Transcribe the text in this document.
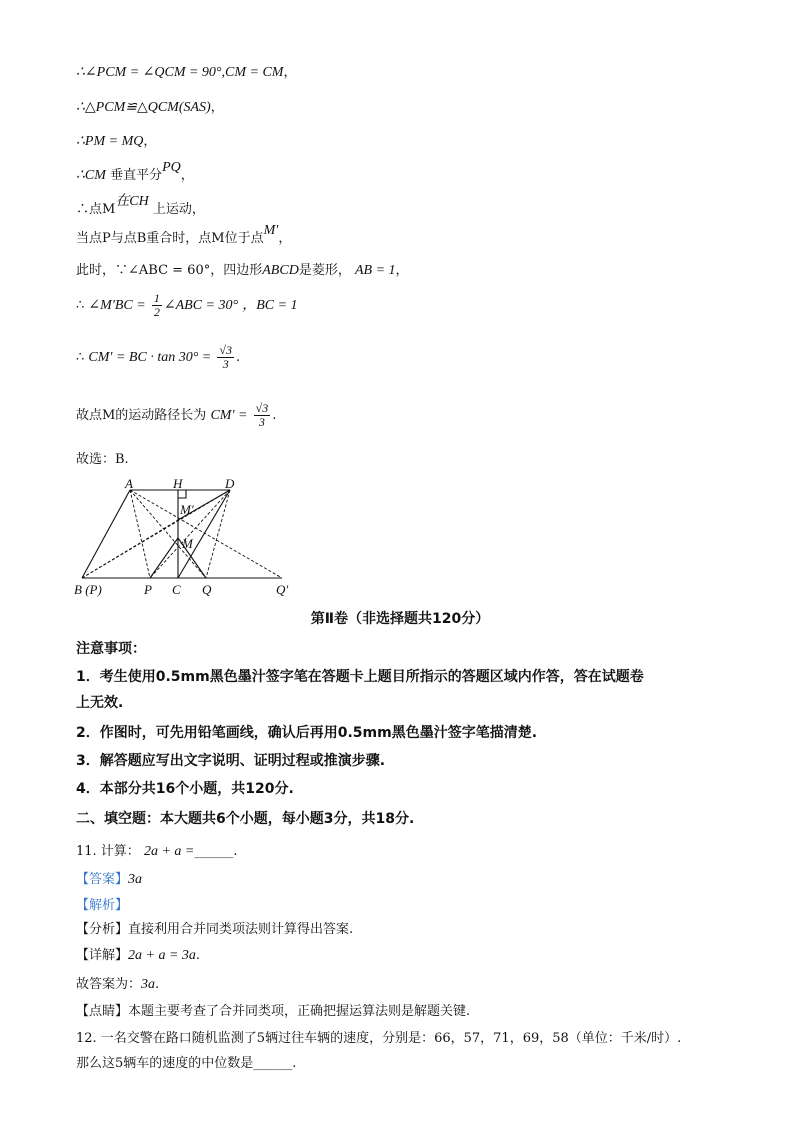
∴∠PCM = ∠QCM = 90°,CM = CM，
∴△PCM≌△QCM(SAS)，
∴PM = MQ，
∴CM 垂直平分PQ，
∴点M在CH 上运动，
当点P与点B重合时，点M位于点M′，
此时，∵∠ABC = 60°，四边形ABCD是菱形， AB = 1，
∴ ∠M′BC = $\frac{1}{2}$ ∠ABC = 30° ，BC = 1
∴ CM′ = BC · $\tan 30^\circ = \frac{√3}{3}$ .
故点M的运动路径长为 $CM' = \frac{√3}{3}$ .
故选：B.
A	H	D
M′
M
B (P)	P C Q	Q′
第Ⅱ卷（非选择题共120分）
注意事项：
1．考生使用0.5mm黑色墨汁签字笔在答题卡上题目所指示的答题区域内作答，答在试题卷
上无效.
2．作图时，可先用铅笔画线，确认后再用0.5mm黑色墨汁签字笔描清楚.
3．解答题应写出文字说明、证明过程或推演步骤.
4．本部分共16个小题，共120分.
二、填空题：本大题共6个小题，每小题3分，共18分.
11. 计算： 2a + a =______.
【答案】3a
【解析】
【分析】直接利用合并同类项法则计算得出答案.
【详解】2a + a = 3a.
故答案为：3a.
【点睛】本题主要考查了合并同类项，正确把握运算法则是解题关键.
12. 一名交警在路口随机监测了5辆过往车辆的速度，分别是：66，57，71，69，58（单位：千米/时）.
那么这5辆车的速度的中位数是______.
